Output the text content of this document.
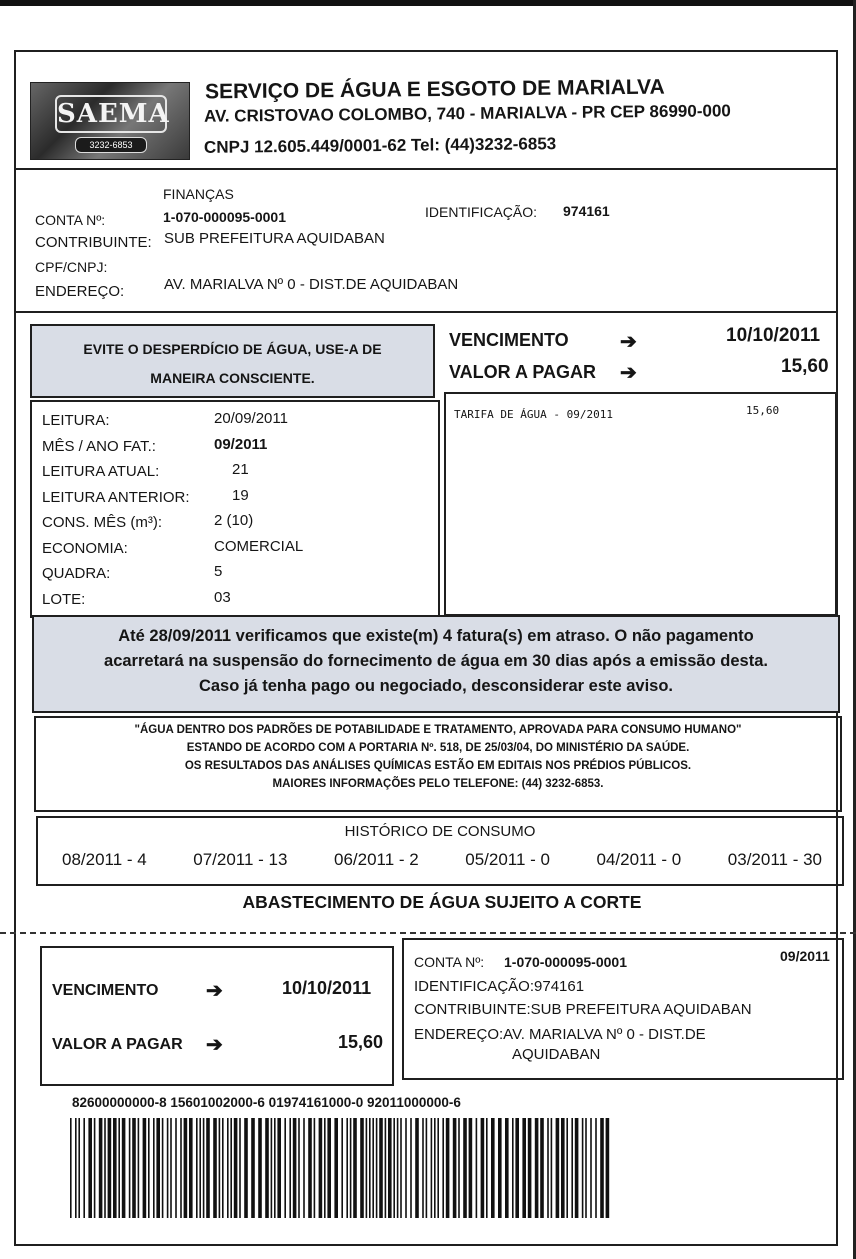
SAEMA
3232-6853
SERVIÇO DE ÁGUA E ESGOTO DE MARIALVA
AV. CRISTOVAO COLOMBO, 740 - MARIALVA - PR CEP 86990-000
CNPJ 12.605.449/0001-62 Tel: (44)3232-6853
FINANÇAS
CONTA Nº:	1-070-000095-0001	IDENTIFICAÇÃO: 974161
CONTRIBUINTE: SUB PREFEITURA AQUIDABAN
CPF/CNPJ:
ENDEREÇO:	AV. MARIALVA Nº 0 - DIST.DE AQUIDABAN
EVITE O DESPERDÍCIO DE ÁGUA, USE-A DE
MANEIRA CONSCIENTE.
VENCIMENTO	➔	10/10/2011
VALOR A PAGAR ➔	15,60
LEITURA:	20/09/2011
MÊS / ANO FAT.:	09/2011
LEITURA ATUAL:	21
LEITURA ANTERIOR:	19
CONS. MÊS (m³):	2 (10)
ECONOMIA:	COMERCIAL
QUADRA:	5
LOTE:	03
TARIFA DE ÁGUA - 09/2011	15,60
Até 28/09/2011 verificamos que existe(m) 4 fatura(s) em atraso. O não pagamento
acarretará na suspensão do fornecimento de água em 30 dias após a emissão desta.
Caso já tenha pago ou negociado, desconsiderar este aviso.
"ÁGUA DENTRO DOS PADRÕES DE POTABILIDADE E TRATAMENTO, APROVADA PARA CONSUMO HUMANO"
ESTANDO DE ACORDO COM A PORTARIA Nº. 518, DE 25/03/04, DO MINISTÉRIO DA SAÚDE.
OS RESULTADOS DAS ANÁLISES QUÍMICAS ESTÃO EM EDITAIS NOS PRÉDIOS PÚBLICOS.
MAIORES INFORMAÇÕES PELO TELEFONE: (44) 3232-6853.
HISTÓRICO DE CONSUMO
08/2011 - 4	07/2011 - 13	06/2011 - 2	05/2011 - 0	04/2011 - 0	03/2011 - 30
ABASTECIMENTO DE ÁGUA SUJEITO A CORTE
VENCIMENTO ➔	10/10/2011
VALOR A PAGAR ➔	15,60
CONTA Nº: 1-070-000095-0001	09/2011
IDENTIFICAÇÃO:974161
CONTRIBUINTE:SUB PREFEITURA AQUIDABAN
ENDEREÇO:AV. MARIALVA Nº 0 - DIST.DE
AQUIDABAN
82600000000-8 15601002000-6 01974161000-0 92011000000-6
